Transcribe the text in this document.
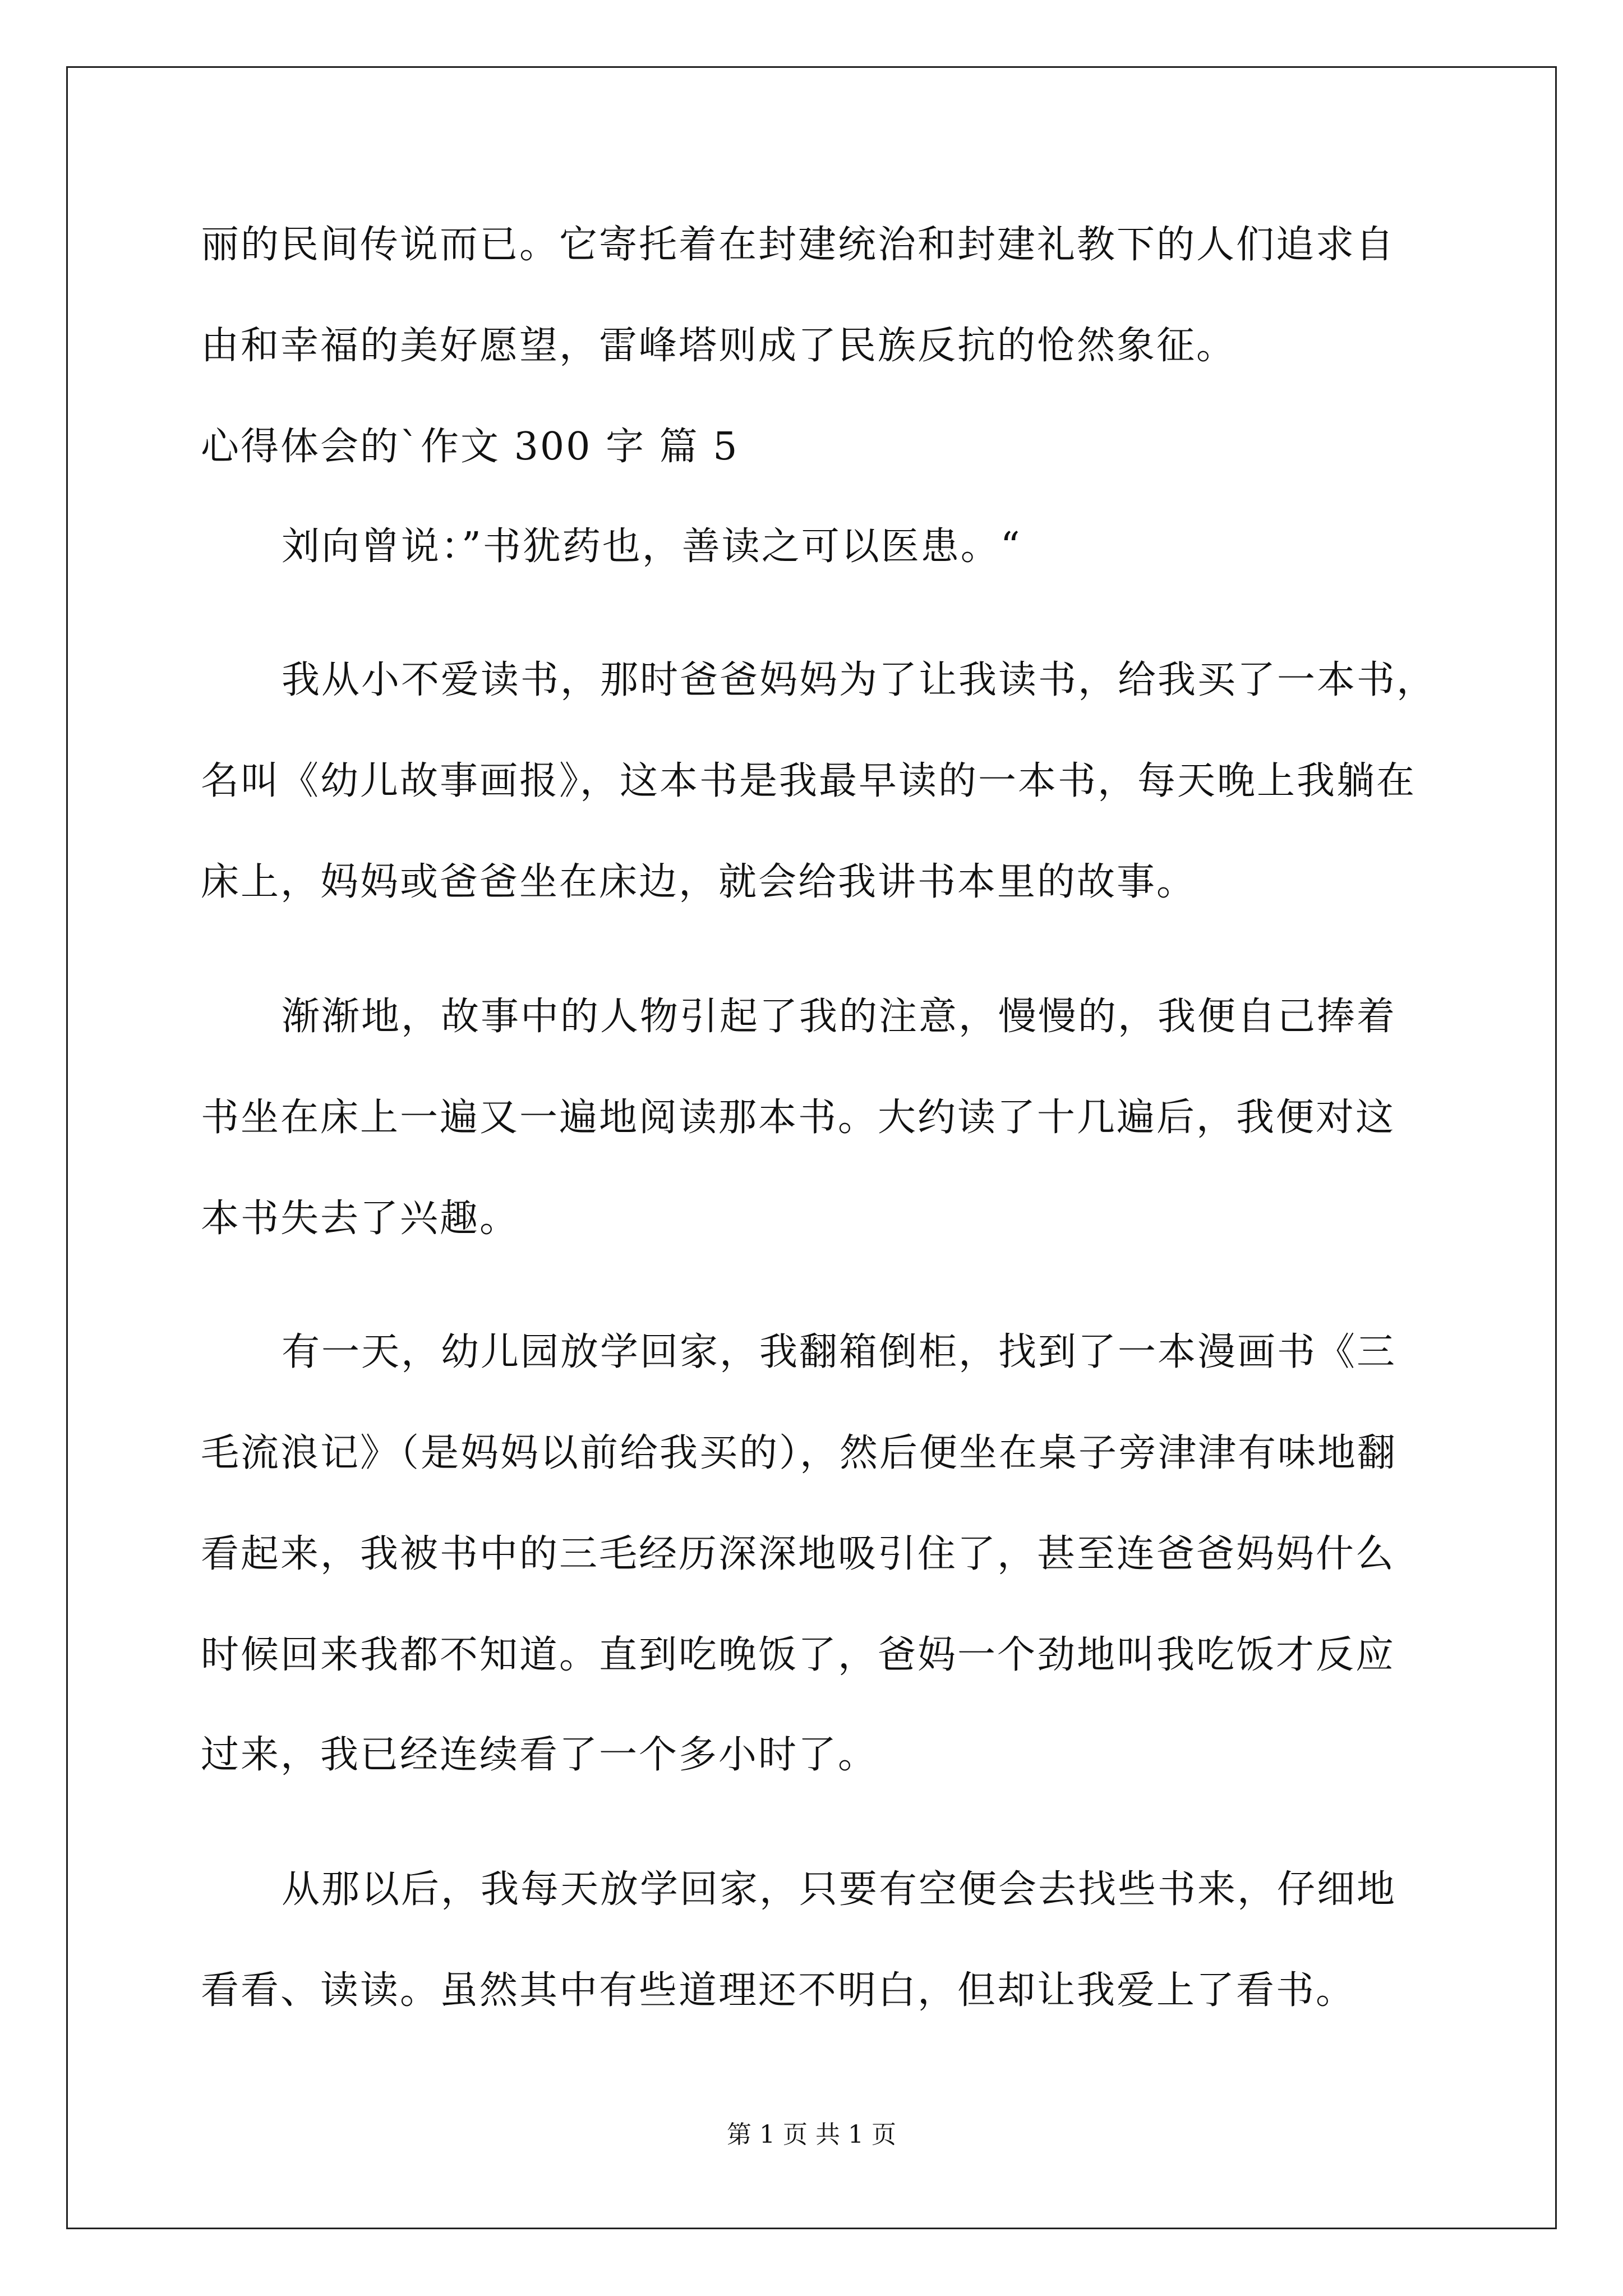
丽的民间传说而已。它寄托着在封建统治和封建礼教下的人们追求自

由和幸福的美好愿望，雷峰塔则成了民族反抗的怆然象征。

心得体会的`作文 300 字 篇 5

刘向曾说：”书犹药也，善读之可以医患。“

我从小不爱读书，那时爸爸妈妈为了让我读书，给我买了一本书，

名叫《幼儿故事画报》，这本书是我最早读的一本书，每天晚上我躺在

床上，妈妈或爸爸坐在床边，就会给我讲书本里的故事。

渐渐地，故事中的人物引起了我的注意，慢慢的，我便自己捧着

书坐在床上一遍又一遍地阅读那本书。大约读了十几遍后，我便对这

本书失去了兴趣。

有一天，幼儿园放学回家，我翻箱倒柜，找到了一本漫画书《三

毛流浪记》（是妈妈以前给我买的），然后便坐在桌子旁津津有味地翻

看起来，我被书中的三毛经历深深地吸引住了，甚至连爸爸妈妈什么

时候回来我都不知道。直到吃晚饭了，爸妈一个劲地叫我吃饭才反应

过来，我已经连续看了一个多小时了。

从那以后，我每天放学回家，只要有空便会去找些书来，仔细地

看看、读读。虽然其中有些道理还不明白，但却让我爱上了看书。

第 1 页 共 1 页
